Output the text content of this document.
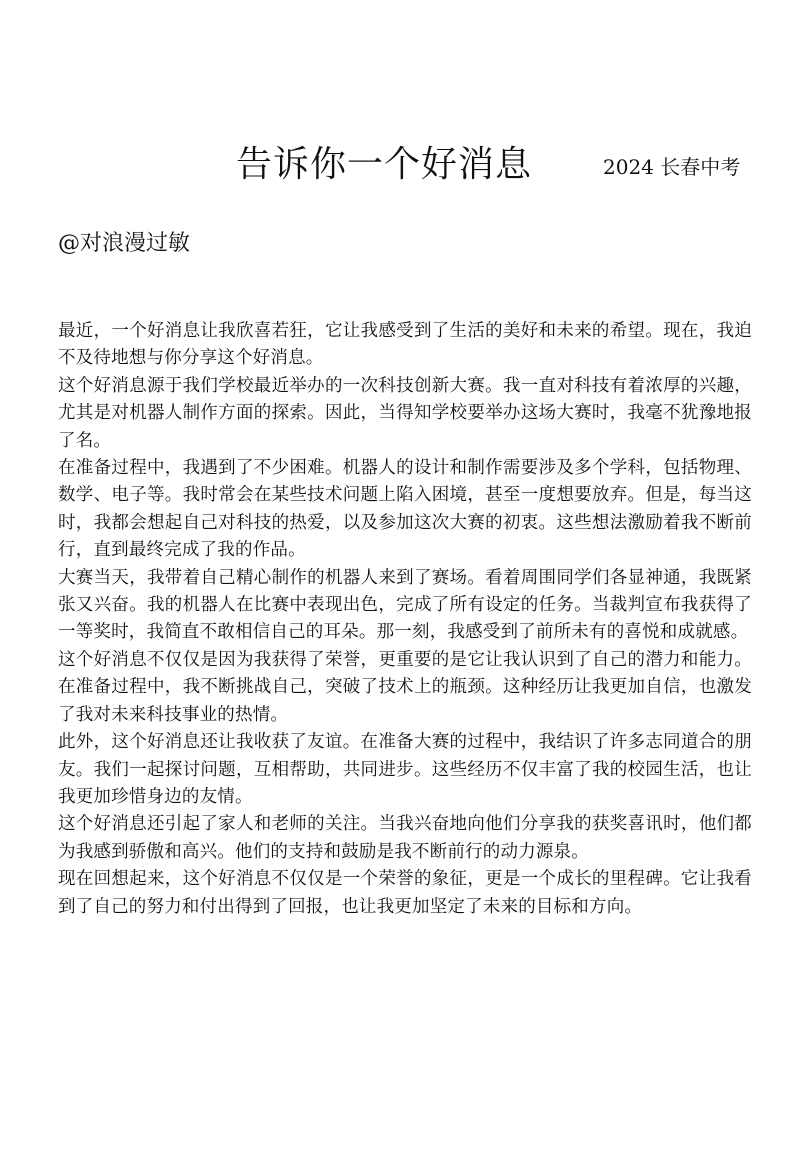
告诉你一个好消息	2024 长春中考
@对浪漫过敏

最近，一个好消息让我欣喜若狂，它让我感受到了生活的美好和未来的希望。现在，我迫不及待地想与你分享这个好消息。

这个好消息源于我们学校最近举办的一次科技创新大赛。我一直对科技有着浓厚的兴趣，尤其是对机器人制作方面的探索。因此，当得知学校要举办这场大赛时，我毫不犹豫地报了名。

在准备过程中，我遇到了不少困难。机器人的设计和制作需要涉及多个学科，包括物理、数学、电子等。我时常会在某些技术问题上陷入困境，甚至一度想要放弃。但是，每当这时，我都会想起自己对科技的热爱，以及参加这次大赛的初衷。这些想法激励着我不断前行，直到最终完成了我的作品。

大赛当天，我带着自己精心制作的机器人来到了赛场。看着周围同学们各显神通，我既紧张又兴奋。我的机器人在比赛中表现出色，完成了所有设定的任务。当裁判宣布我获得了一等奖时，我简直不敢相信自己的耳朵。那一刻，我感受到了前所未有的喜悦和成就感。

这个好消息不仅仅是因为我获得了荣誉，更重要的是它让我认识到了自己的潜力和能力。在准备过程中，我不断挑战自己，突破了技术上的瓶颈。这种经历让我更加自信，也激发了我对未来科技事业的热情。

此外，这个好消息还让我收获了友谊。在准备大赛的过程中，我结识了许多志同道合的朋友。我们一起探讨问题，互相帮助，共同进步。这些经历不仅丰富了我的校园生活，也让我更加珍惜身边的友情。

这个好消息还引起了家人和老师的关注。当我兴奋地向他们分享我的获奖喜讯时，他们都为我感到骄傲和高兴。他们的支持和鼓励是我不断前行的动力源泉。

现在回想起来，这个好消息不仅仅是一个荣誉的象征，更是一个成长的里程碑。它让我看到了自己的努力和付出得到了回报，也让我更加坚定了未来的目标和方向。
